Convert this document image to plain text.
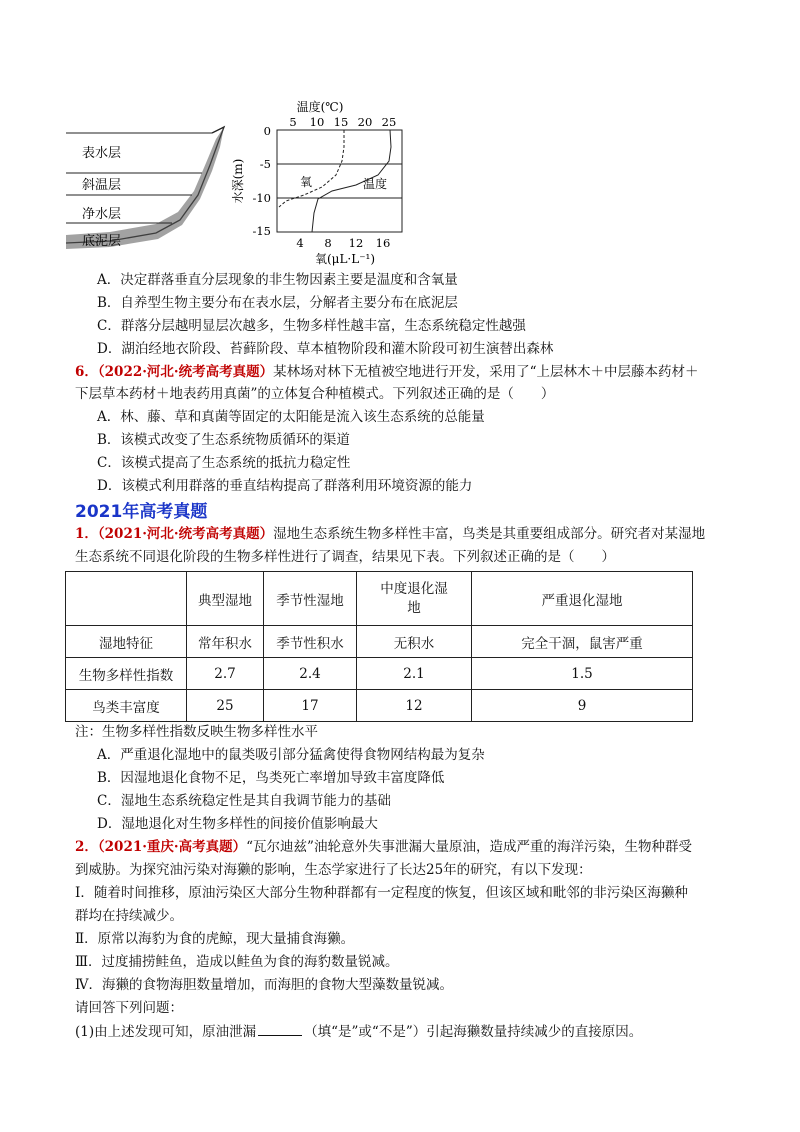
表水层
斜温层
净水层
底泥层
温度(℃)
5 10 15 20 25
0
-5
-10
-15
水深(m)	氧	温度
4 8 12 16
氧(μL·L⁻¹)
A．决定群落垂直分层现象的非生物因素主要是温度和含氧量
B．自养型生物主要分布在表水层，分解者主要分布在底泥层
C．群落分层越明显层次越多，生物多样性越丰富，生态系统稳定性越强
D．湖泊经地衣阶段、苔藓阶段、草本植物阶段和灌木阶段可初生演替出森林
6．（2022·河北·统考高考真题）某林场对林下无植被空地进行开发，采用了“上层林木＋中层藤本药材＋
下层草本药材＋地表药用真菌”的立体复合种植模式。下列叙述正确的是（　　）
A．林、藤、草和真菌等固定的太阳能是流入该生态系统的总能量
B．该模式改变了生态系统物质循环的渠道
C．该模式提高了生态系统的抵抗力稳定性
D．该模式利用群落的垂直结构提高了群落利用环境资源的能力
2021年高考真题
1．（2021·河北·统考高考真题）湿地生态系统生物多样性丰富，鸟类是其重要组成部分。研究者对某湿地
生态系统不同退化阶段的生物多样性进行了调查，结果见下表。下列叙述正确的是（　　）
	典型湿地	季节性湿地	中度退化湿地	严重退化湿地
湿地特征	常年积水	季节性积水	无积水	完全干涸，鼠害严重
生物多样性指数	2.7	2.4	2.1	1.5
鸟类丰富度	25	17	12	9
注：生物多样性指数反映生物多样性水平
A．严重退化湿地中的鼠类吸引部分猛禽使得食物网结构最为复杂
B．因湿地退化食物不足，鸟类死亡率增加导致丰富度降低
C．湿地生态系统稳定性是其自我调节能力的基础
D．湿地退化对生物多样性的间接价值影响最大
2．（2021·重庆·高考真题）“瓦尔迪兹”油轮意外失事泄漏大量原油，造成严重的海洋污染，生物种群受
到威胁。为探究油污染对海獭的影响，生态学家进行了长达25年的研究，有以下发现：
Ⅰ．随着时间推移，原油污染区大部分生物种群都有一定程度的恢复，但该区域和毗邻的非污染区海獭种
群均在持续减少。
Ⅱ．原常以海豹为食的虎鲸，现大量捕食海獭。
Ⅲ．过度捕捞鲑鱼，造成以鲑鱼为食的海豹数量锐减。
Ⅳ．海獭的食物海胆数量增加，而海胆的食物大型藻数量锐减。
请回答下列问题：
(1)由上述发现可知，原油泄漏	（填“是”或“不是”）引起海獭数量持续减少的直接原因。
